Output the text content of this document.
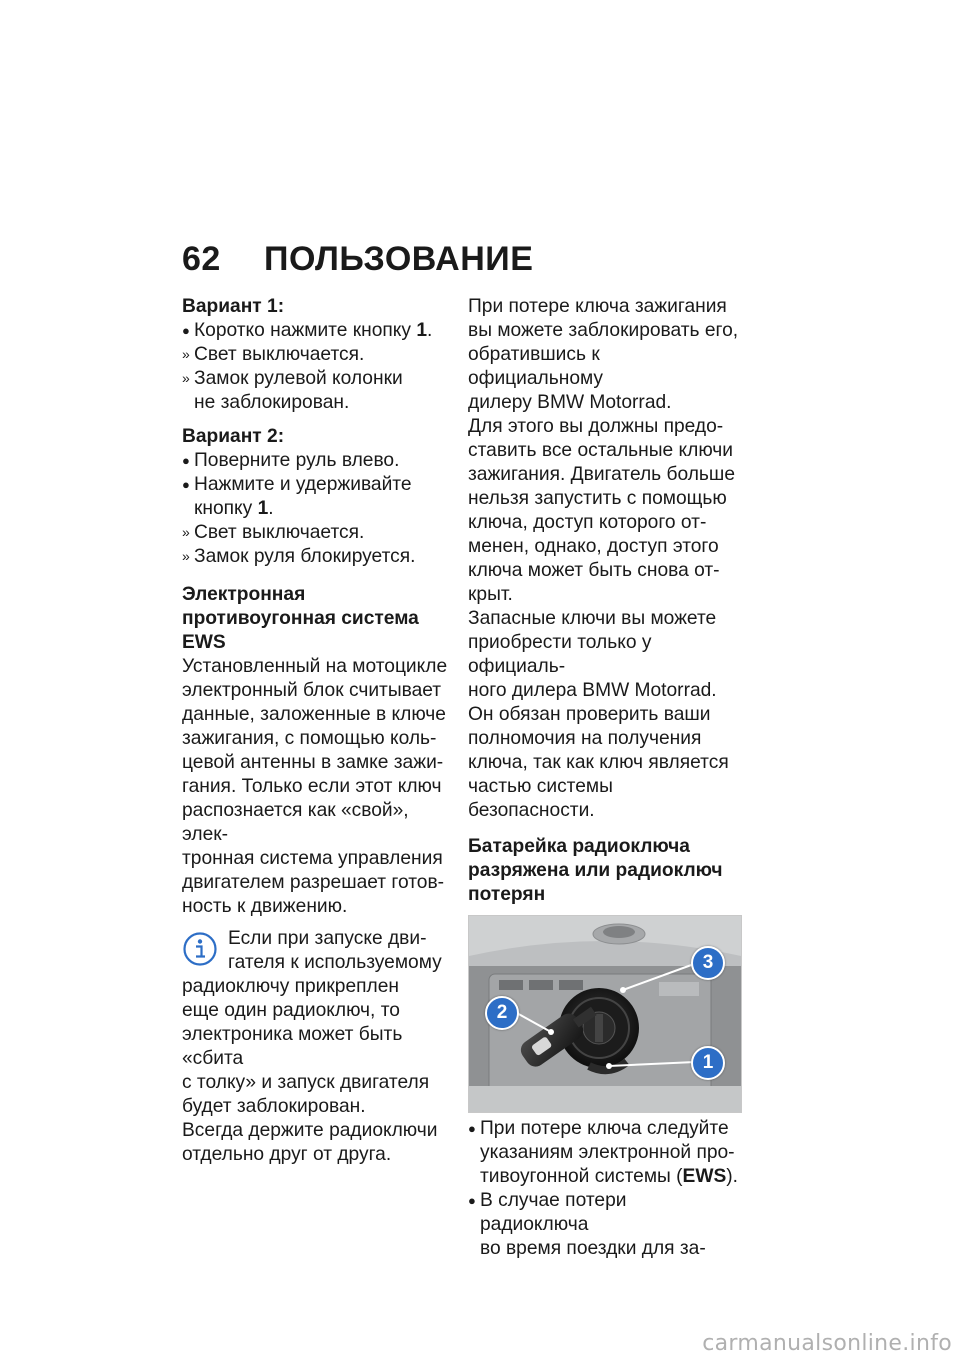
62 ПОЛЬЗОВАНИЕ
Вариант 1:
● Коротко нажмите кнопку 1.
» Свет выключается.
» Замок рулевой колонки
не заблокирован.
Вариант 2:
● Поверните руль влево.
● Нажмите и удерживайте
кнопку 1.
» Свет выключается.
» Замок руля блокируется.
Электронная
противоугонная система
EWS
Установленный на мотоцикле
электронный блок считывает
данные, заложенные в ключе
зажигания, с помощью коль-
цевой антенны в замке зажи-
гания. Только если этот ключ
распознается как «свой», элек-
тронная система управления
двигателем разрешает готов-
ность к движению.
Если при запуске дви-
гателя к используемому
радиоключу прикреплен
еще один радиоключ, то
электроника может быть «сбита
с толку» и запуск двигателя
будет заблокирован.
Всегда держите радиоключи
отдельно друг от друга.
При потере ключа зажигания
вы можете заблокировать его,
обратившись к официальному
дилеру BMW Motorrad.
Для этого вы должны предо-
ставить все остальные ключи
зажигания. Двигатель больше
нельзя запустить с помощью
ключа, доступ которого от-
менен, однако, доступ этого
ключа может быть снова от-
крыт.
Запасные ключи вы можете
приобрести только у официаль-
ного дилера BMW Motorrad.
Он обязан проверить ваши
полномочия на получения
ключа, так как ключ является
частью системы безопасности.
Батарейка радиоключа
разряжена или радиоключ
потерян
3
2
1
● При потере ключа следуйте
указаниям электронной про-
тивоугонной системы (EWS).
● В случае потери радиоключа
во время поездки для за-
carmanualsonline.info
